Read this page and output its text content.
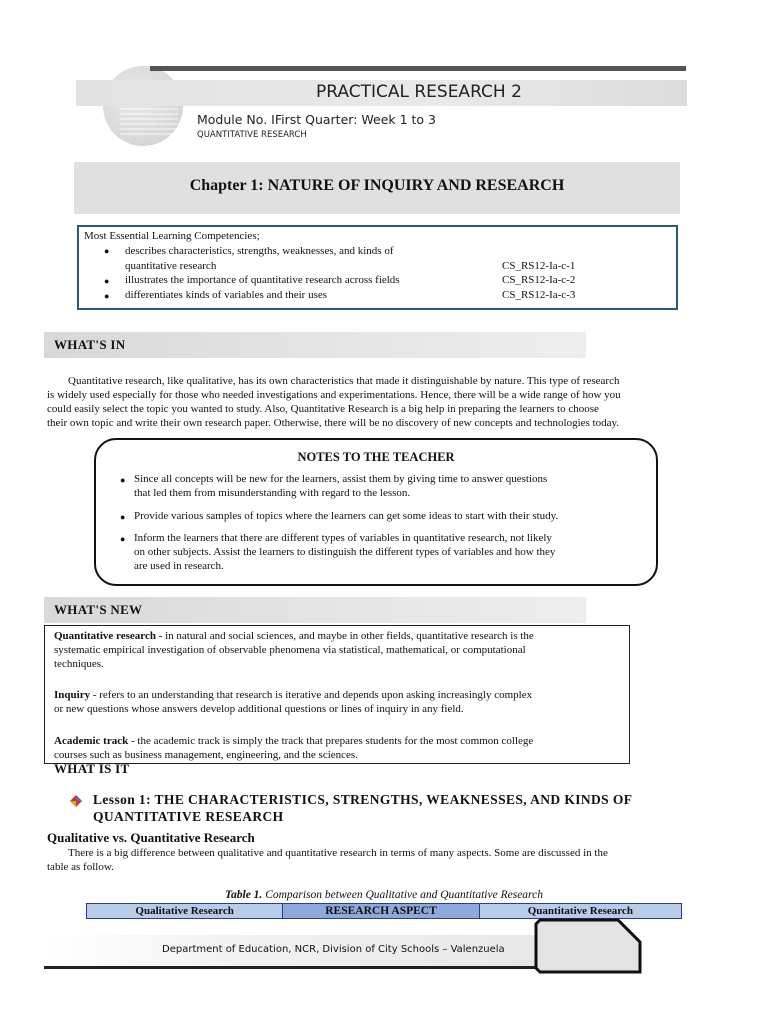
PRACTICAL RESEARCH 2
Module No. IFirst Quarter: Week 1 to 3
QUANTITATIVE RESEARCH
Chapter 1: NATURE OF INQUIRY AND RESEARCH
Most Essential Learning Competencies;
● describes characteristics, strengths, weaknesses, and kinds of
quantitative research	CS_RS12-Ia-c-1
● illustrates the importance of quantitative research across fields	CS_RS12-Ia-c-2
● differentiates kinds of variables and their uses	CS_RS12-Ia-c-3
WHAT'S IN
Quantitative research, like qualitative, has its own characteristics that made it distinguishable by nature. This type of research
is widely used especially for those who needed investigations and experimentations. Hence, there will be a wide range of how you
could easily select the topic you wanted to study. Also, Quantitative Research is a big help in preparing the learners to choose
their own topic and write their own research paper. Otherwise, there will be no discovery of new concepts and technologies today.
NOTES TO THE TEACHER
● Since all concepts will be new for the learners, assist them by giving time to answer questions
that led them from misunderstanding with regard to the lesson.
● Provide various samples of topics where the learners can get some ideas to start with their study.
● Inform the learners that there are different types of variables in quantitative research, not likely
on other subjects. Assist the learners to distinguish the different types of variables and how they
are used in research.
WHAT'S NEW
Quantitative research - in natural and social sciences, and maybe in other fields, quantitative research is the
systematic empirical investigation of observable phenomena via statistical, mathematical, or computational
techniques.
Inquiry - refers to an understanding that research is iterative and depends upon asking increasingly complex
or new questions whose answers develop additional questions or lines of inquiry in any field.
Academic track - the academic track is simply the track that prepares students for the most common college
courses such as business management, engineering, and the sciences.
WHAT IS IT
Lesson 1: THE CHARACTERISTICS, STRENGTHS, WEAKNESSES, AND KINDS OF
QUANTITATIVE RESEARCH
Qualitative vs. Quantitative Research
There is a big difference between qualitative and quantitative research in terms of many aspects. Some are discussed in the
table as follow.
Table 1. Comparison between Qualitative and Quantitative Research
Qualitative Research	RESEARCH ASPECT	Quantitative Research
Department of Education, NCR, Division of City Schools – Valenzuela
